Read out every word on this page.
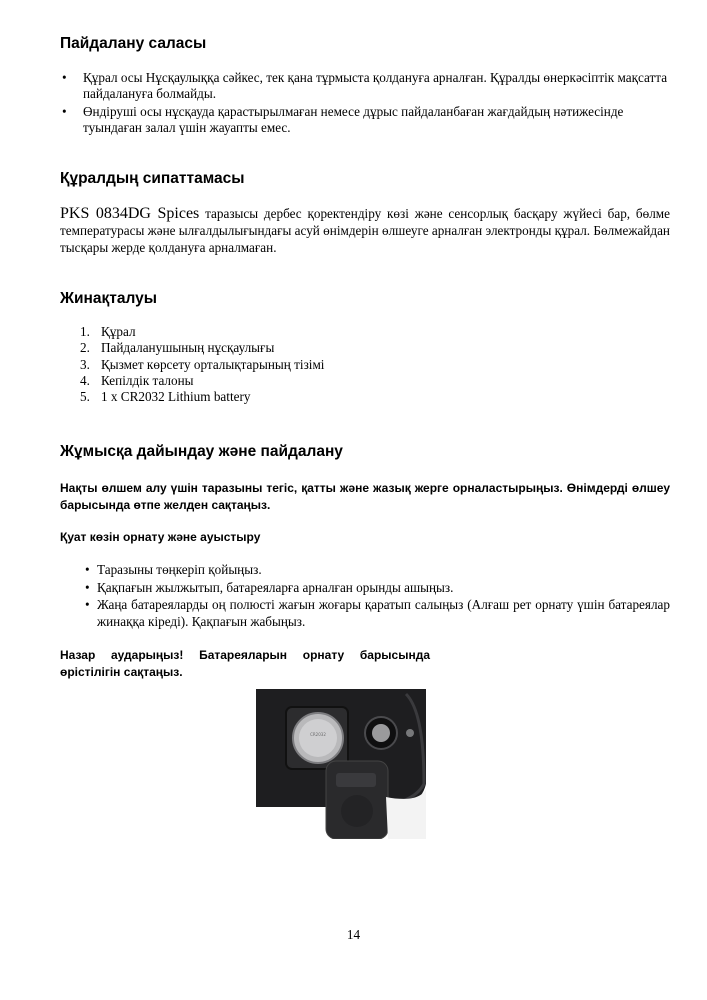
Пайдалану саласы
• Құрал осы Нұсқаулыққа сәйкес, тек қана тұрмыста қолдануға арналған. Құралды өнеркәсіптік мақсатта пайдалануға болмайды.
• Өндіруші осы нұсқауда қарастырылмаған немесе дұрыс пайдаланбаған жағдайдың нәтижесінде туындаған залал үшін жауапты емес.
Құралдың сипаттамасы

PKS 0834DG Spices таразысы дербес қоректендіру көзі және сенсорлық басқару жүйесі бар, бөлме температурасы және ылғалдылығындағы асуй өнімдерін өлшеуге арналған электронды құрал. Бөлмежайдан тысқары жерде қолдануға арналмаған.

Жинақталуы
1. Құрал
2. Пайдаланушының нұсқаулығы
3. Қызмет көрсету орталықтарының тізімі
4. Кепілдік талоны
5. 1 x CR2032 Lithium battery
Жұмысқа дайындау және пайдалану

Нақты өлшем алу үшін таразыны тегіс, қатты және жазық жерге орналастырыңыз. Өнімдерді өлшеу барысында өтпе желден сақтаңыз.

Қуат көзін орнату және ауыстыру

• Таразыны төңкеріп қойыңыз.
• Қақпағын жылжытып, батареяларға арналған орынды ашыңыз.
• Жаңа батареяларды оң полюсті жағын жоғары қаратып салыңыз (Алғаш рет орнату үшін батареялар жинаққа кіреді). Қақпағын жабыңыз.

Назар аударыңыз! Батареяларын орнату барысында өрістілігін сақтаңыз.

CR2032
14
